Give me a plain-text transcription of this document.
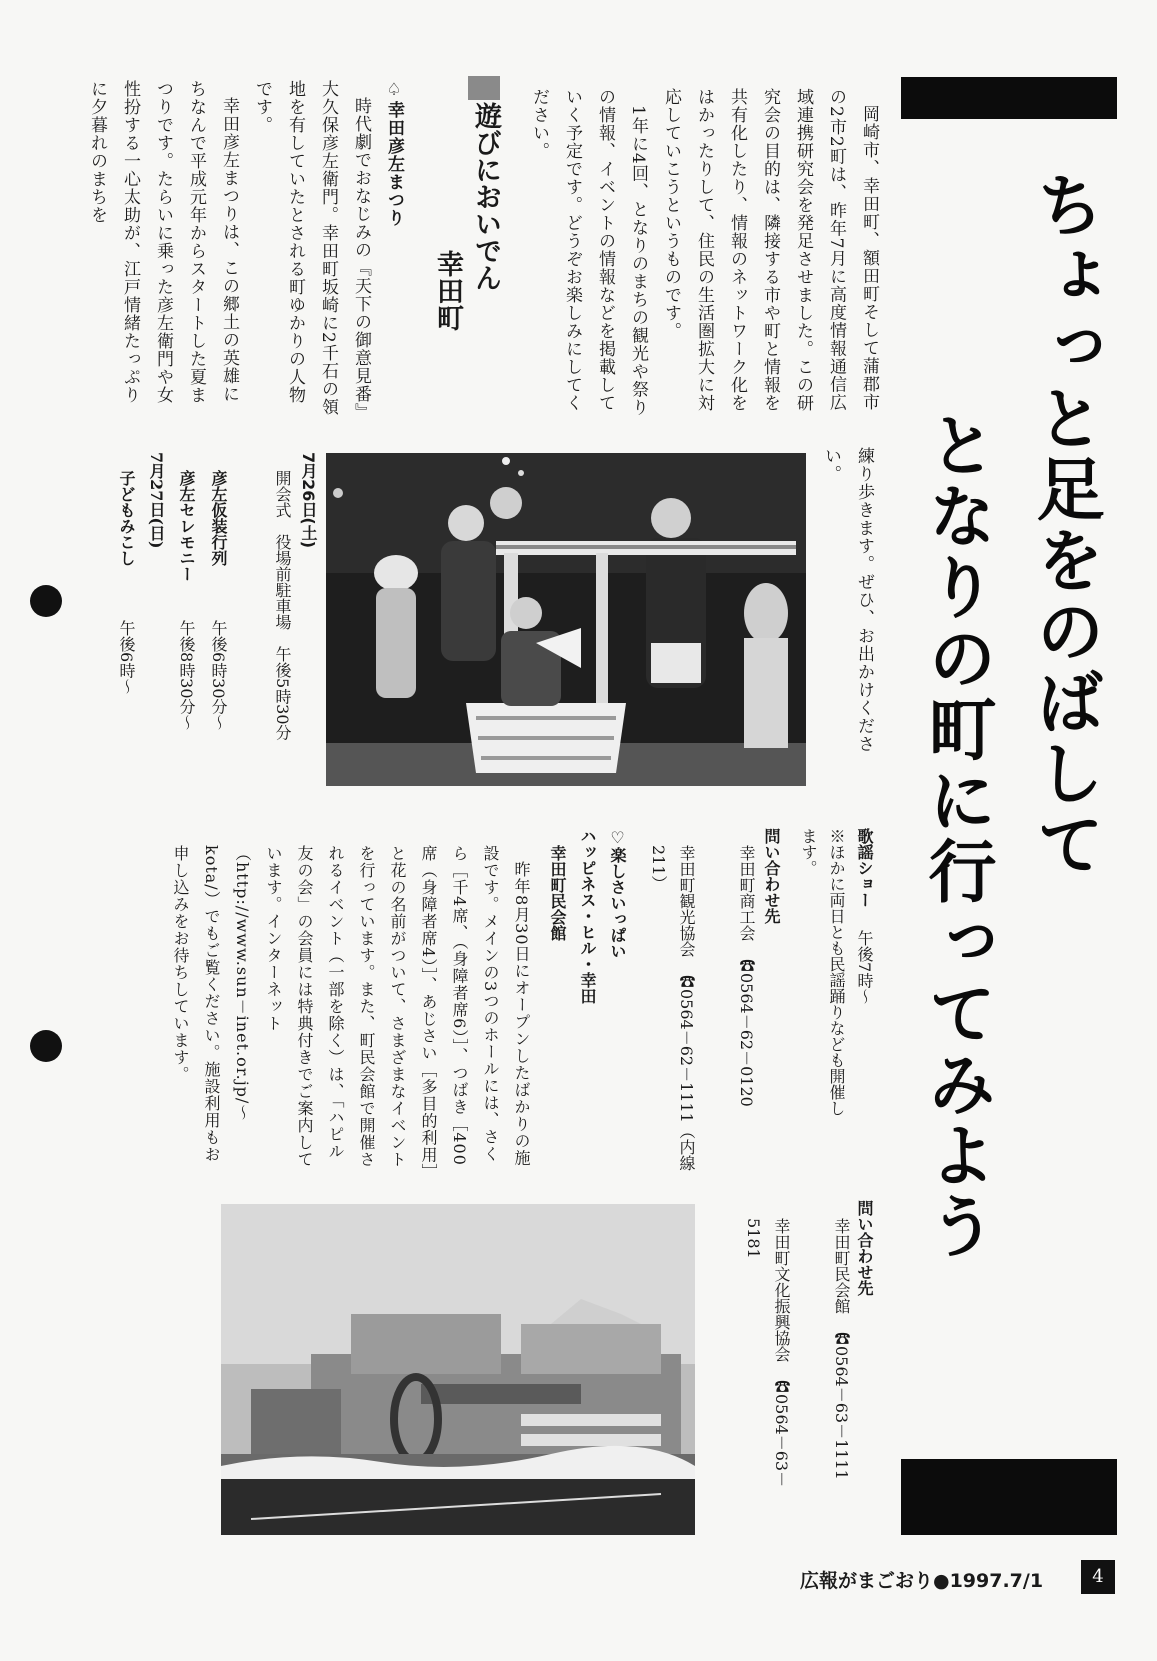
ちょっと足をのばして
となりの町に行ってみよう

岡崎市、幸田町、額田町そして蒲郡市の2市2町は、昨年7月に高度情報通信広域連携研究会を発足させました。この研究会の目的は、隣接する市や町と情報を共有化したり、情報のネットワーク化をはかったりして、住民の生活圏拡大に対応していこうというものです。

1年に4回、となりのまちの観光や祭りの情報、イベントの情報などを掲載していく予定です。どうぞお楽しみにしてください。

遊びにおいでん
幸田町

♤幸田彦左まつり

時代劇でおなじみの『天下の御意見番』大久保彦左衛門。幸田町坂崎に2千石の領地を有していたとされる町ゆかりの人物です。

幸田彦左まつりは、この郷土の英雄にちなんで平成元年からスタートした夏まつりです。たらいに乗った彦左衛門や女性扮する一心太助が、江戸情緒たっぷりに夕暮れのまちを

練り歩きます。ぜひ、お出かけください。
7月26日(土)
開会式　役場前駐車場　午後5時30分
彦左仮装行列
午後6時30分～
彦左セレモニー
午後8時30分～
7月27日(日)
子どもみこし
午後6時～
歌謡ショー
午後7時～
※ほかに両日とも民謡踊りなども開催します。
問い合わせ先
幸田町商工会　☎0564－62－0120
幸田町観光協会　☎0564－62－1111（内線211）
♡楽しさいっぱい
ハッピネス・ヒル・幸田
幸田町民会館
昨年8月30日にオープンしたばかりの施設です。メインの3つのホールには、さくら［千4席、（身障者席6）］、つばき［400席（身障者席4）］、あじさい［多目的利用］と花の名前がついて、さまざまなイベントを行っています。また、町民会館で開催されるイベント（一部を除く）は、「ハピル友の会」の会員には特典付きでご案内しています。インターネット（http://www.sun－inet.or.jp/～kota/）でもご覧ください。施設利用もお申し込みをお待ちしています。
問い合わせ先
幸田町民会館　☎0564－63－1111
幸田町文化振興協会　☎0564－63－5181
広報がまごおり●1997.7/1	4
